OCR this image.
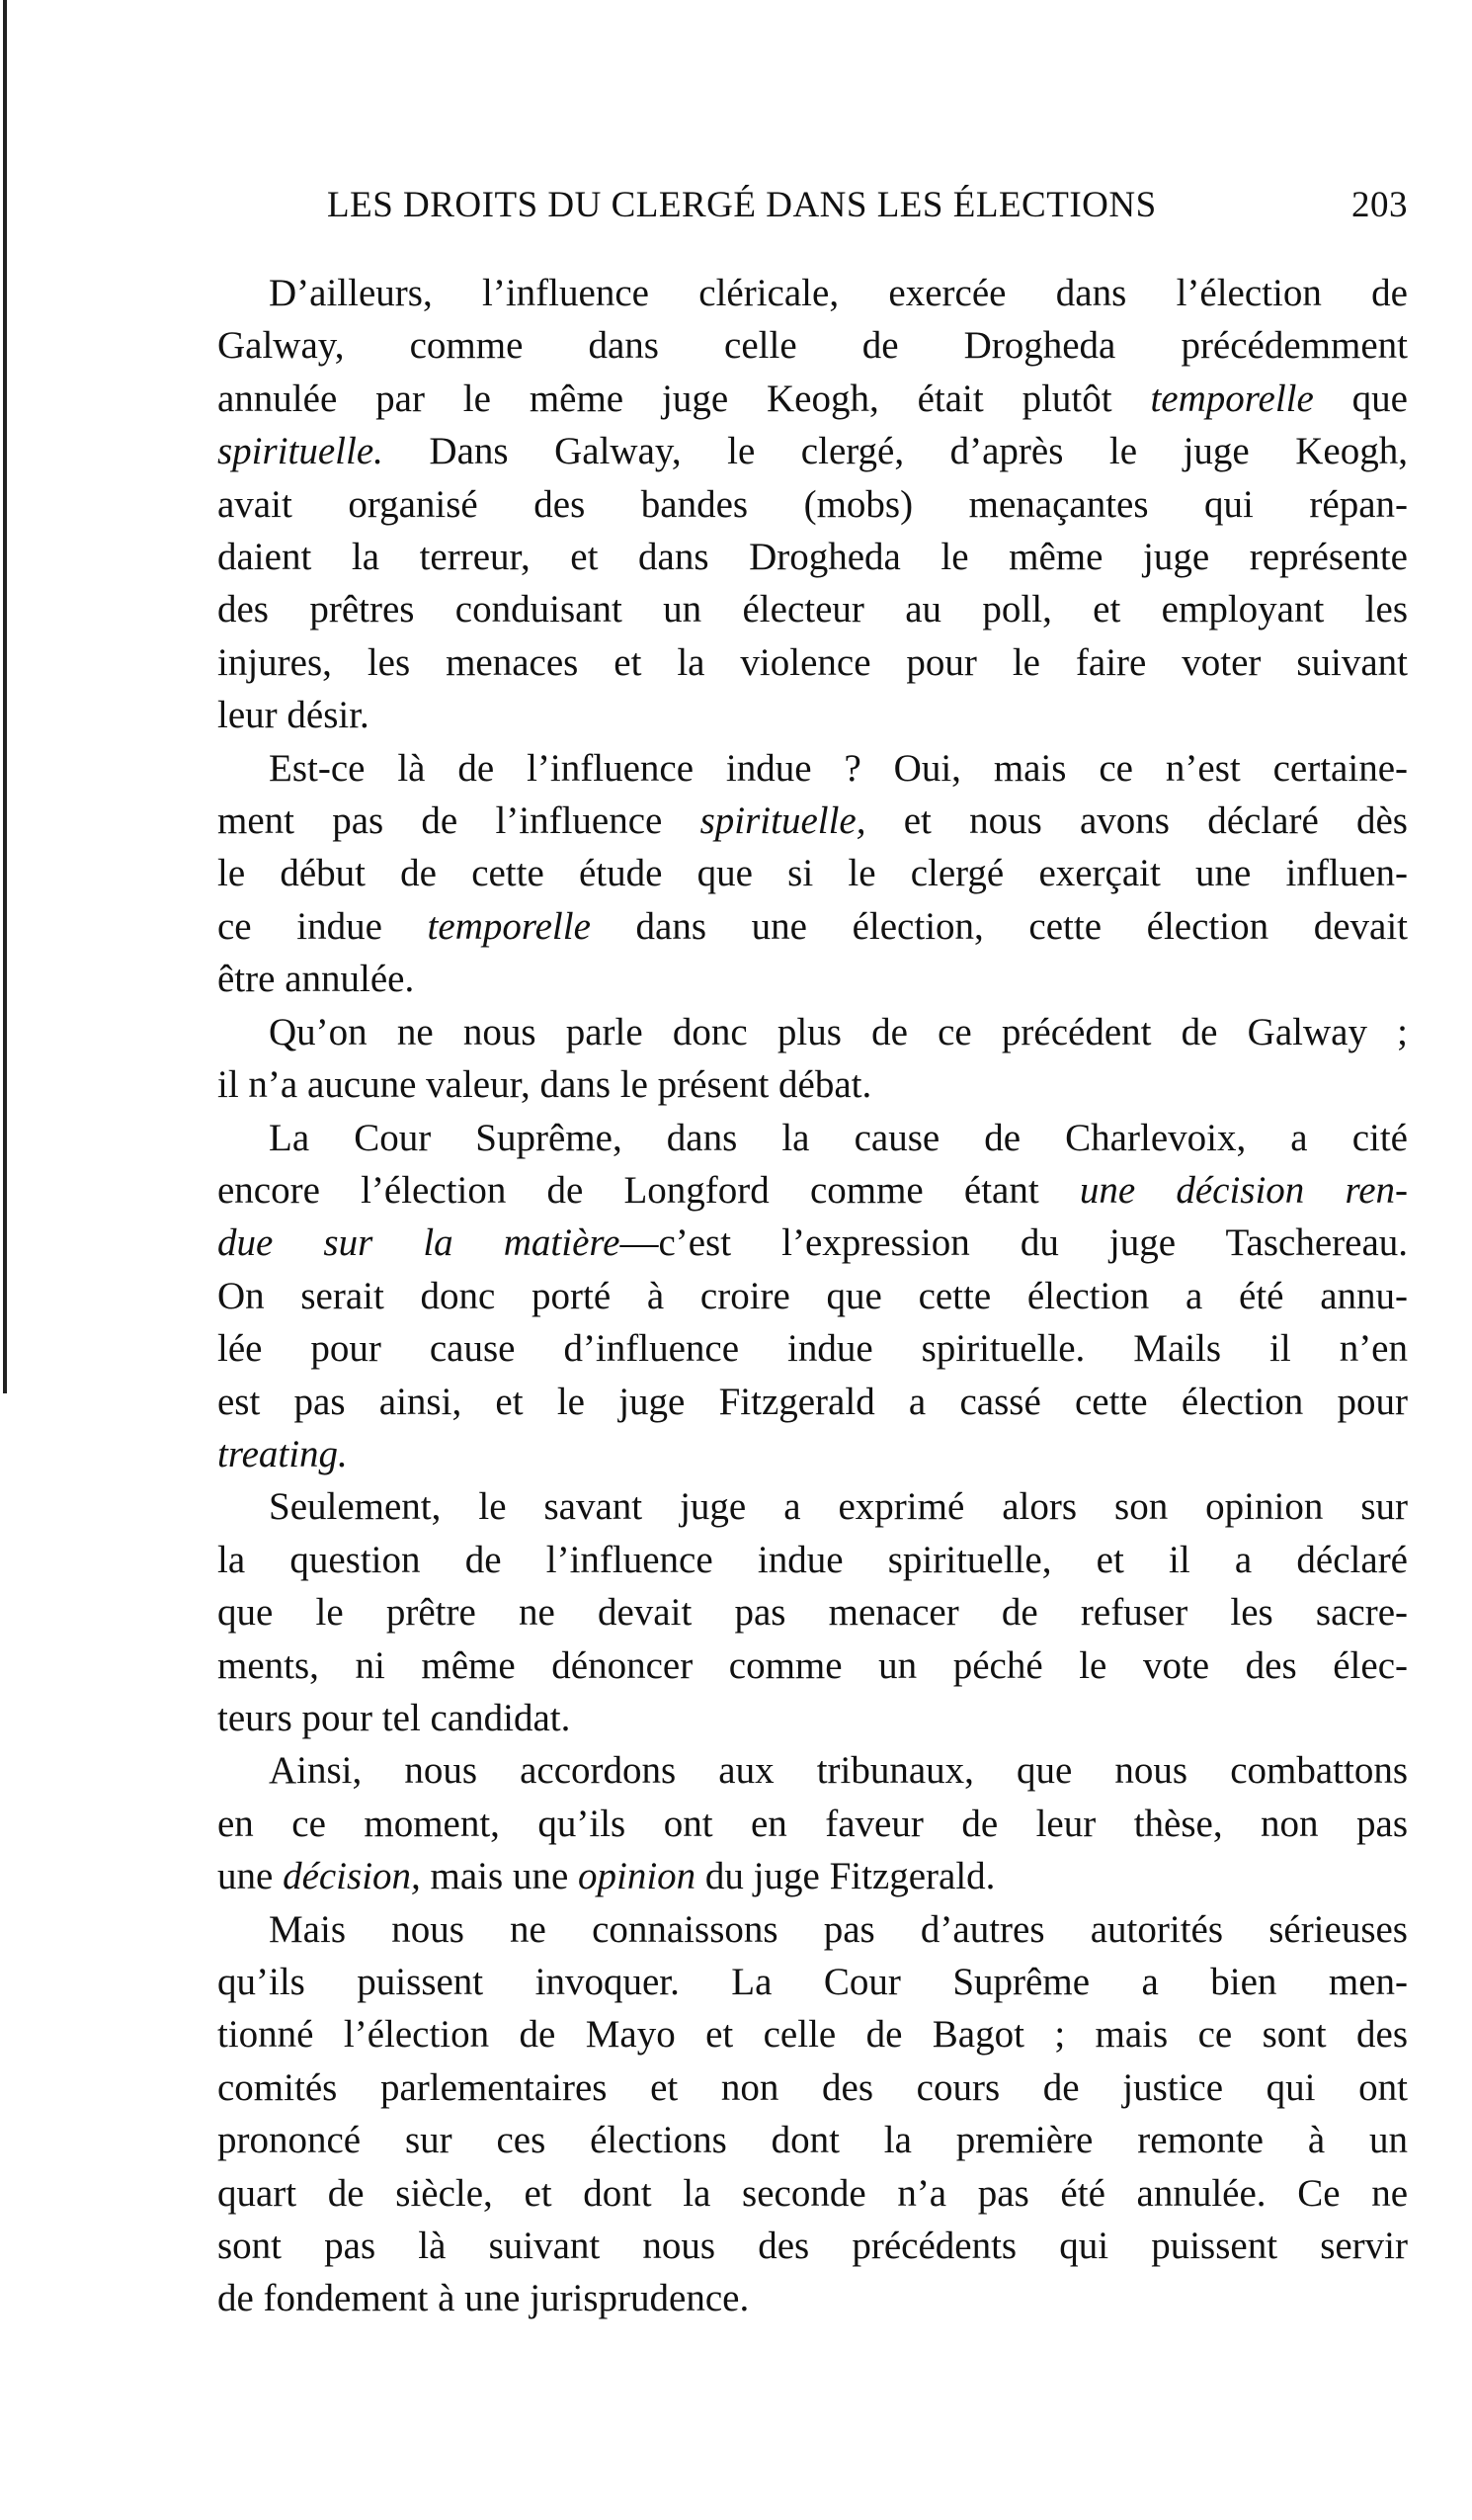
LES DROITS DU CLERGÉ DANS LES ÉLECTIONS	203
D’ailleurs, l’influence cléricale, exercée dans l’élection de
Galway, comme dans celle de Drogheda précédemment
annulée par le même juge Keogh, était plutôt temporelle que
spirituelle. Dans Galway, le clergé, d’après le juge Keogh,
avait organisé des bandes (mobs) menaçantes qui répan-
daient la terreur, et dans Drogheda le même juge représente
des prêtres conduisant un électeur au poll, et employant les
injures, les menaces et la violence pour le faire voter suivant
leur désir.
Est-ce là de l’influence indue ? Oui, mais ce n’est certaine-
ment pas de l’influence spirituelle, et nous avons déclaré dès
le début de cette étude que si le clergé exerçait une influen-
ce indue temporelle dans une élection, cette élection devait
être annulée.
Qu’on ne nous parle donc plus de ce précédent de Galway ;
il n’a aucune valeur, dans le présent débat.
La Cour Suprême, dans la cause de Charlevoix, a cité
encore l’élection de Longford comme étant une décision ren-
due sur la matière—c’est l’expression du juge Taschereau.
On serait donc porté à croire que cette élection a été annu-
lée pour cause d’influence indue spirituelle. Mails il n’en
est pas ainsi, et le juge Fitzgerald a cassé cette élection pour
treating.
Seulement, le savant juge a exprimé alors son opinion sur
la question de l’influence indue spirituelle, et il a déclaré
que le prêtre ne devait pas menacer de refuser les sacre-
ments, ni même dénoncer comme un péché le vote des élec-
teurs pour tel candidat.
Ainsi, nous accordons aux tribunaux, que nous combattons
en ce moment, qu’ils ont en faveur de leur thèse, non pas
une décision, mais une opinion du juge Fitzgerald.
Mais nous ne connaissons pas d’autres autorités sérieuses
qu’ils puissent invoquer. La Cour Suprême a bien men-
tionné l’élection de Mayo et celle de Bagot ; mais ce sont des
comités parlementaires et non des cours de justice qui ont
prononcé sur ces élections dont la première remonte à un
quart de siècle, et dont la seconde n’a pas été annulée. Ce ne
sont pas là suivant nous des précédents qui puissent servir
de fondement à une jurisprudence.
